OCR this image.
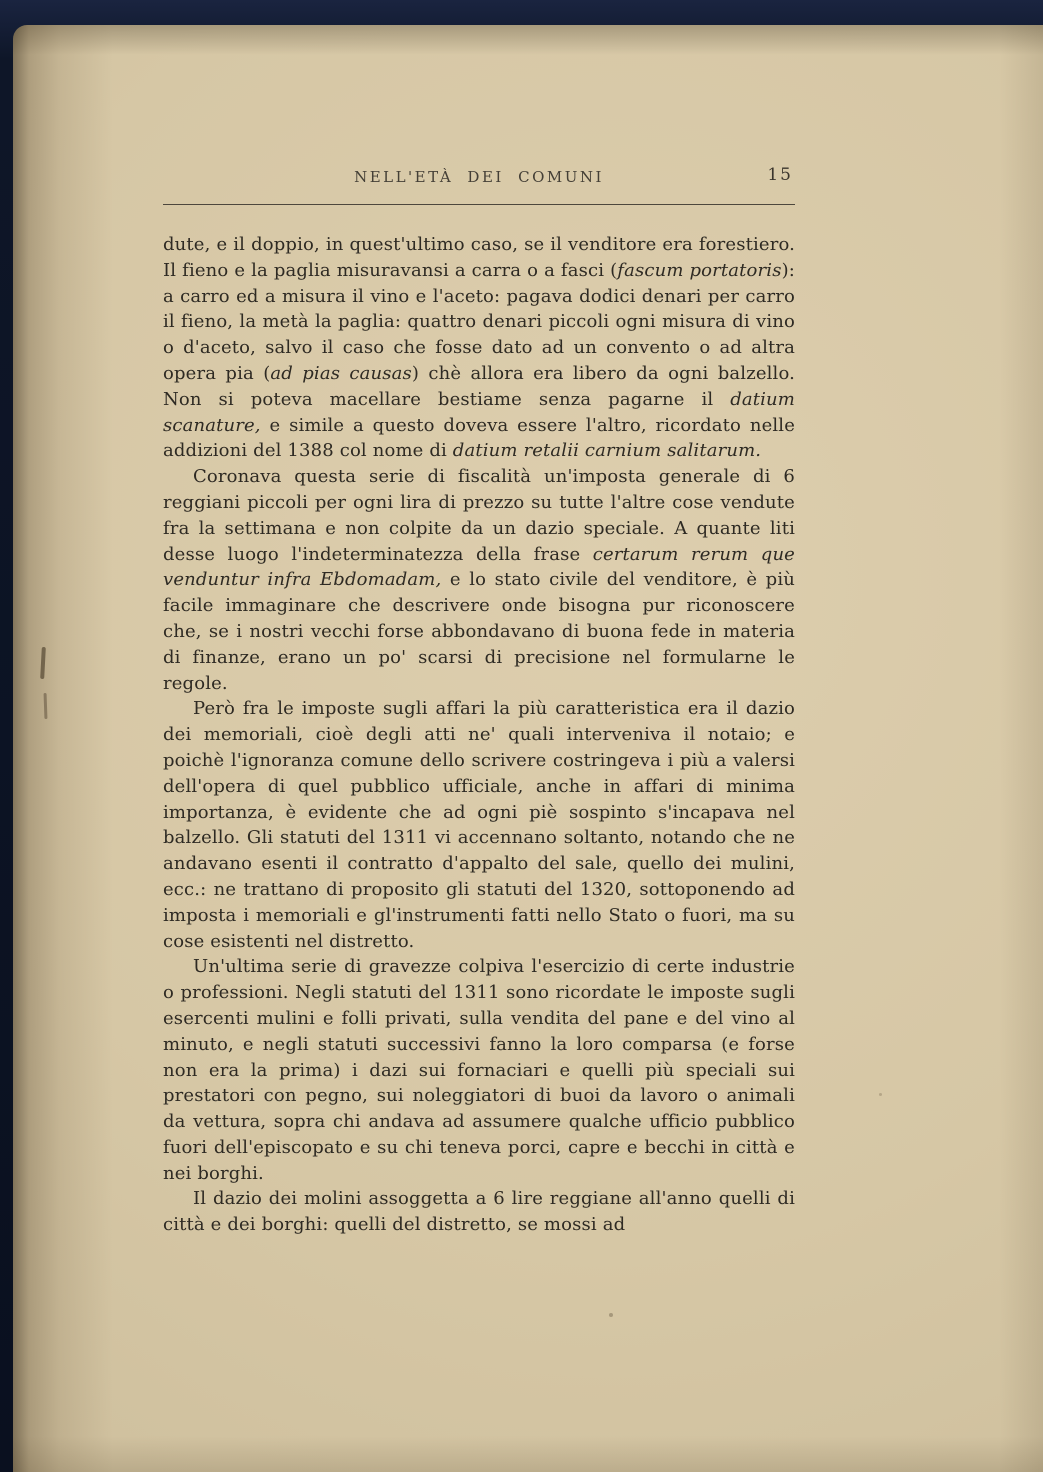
NELL'ETÀ DEI COMUNI	15

dute, e il doppio, in quest'ultimo caso, se il venditore era forestiero. Il fieno e la paglia misuravansi a carra o a fasci (fascum portatoris): a carro ed a misura il vino e l'aceto: pagava dodici denari per carro il fieno, la metà la paglia: quattro denari piccoli ogni misura di vino o d'aceto, salvo il caso che fosse dato ad un convento o ad altra opera pia (ad pias causas) chè allora era libero da ogni balzello. Non si poteva macellare bestiame senza pagarne il datium scanature, e simile a questo doveva essere l'altro, ricordato nelle addizioni del 1388 col nome di datium retalii carnium salitarum.

Coronava questa serie di fiscalità un'imposta generale di 6 reggiani piccoli per ogni lira di prezzo su tutte l'altre cose vendute fra la settimana e non colpite da un dazio speciale. A quante liti desse luogo l'indeterminatezza della frase certarum rerum que venduntur infra Ebdomadam, e lo stato civile del venditore, è più facile immaginare che descrivere onde bisogna pur riconoscere che, se i nostri vecchi forse abbondavano di buona fede in materia di finanze, erano un po' scarsi di precisione nel formularne le regole.

Però fra le imposte sugli affari la più caratteristica era il dazio dei memoriali, cioè degli atti ne' quali interveniva il notaio; e poichè l'ignoranza comune dello scrivere costringeva i più a valersi dell'opera di quel pubblico ufficiale, anche in affari di minima importanza, è evidente che ad ogni piè sospinto s'incapava nel balzello. Gli statuti del 1311 vi accennano soltanto, notando che ne andavano esenti il contratto d'appalto del sale, quello dei mulini, ecc.: ne trattano di proposito gli statuti del 1320, sottoponendo ad imposta i memoriali e gl'instrumenti fatti nello Stato o fuori, ma su cose esistenti nel distretto.

Un'ultima serie di gravezze colpiva l'esercizio di certe industrie o professioni. Negli statuti del 1311 sono ricordate le imposte sugli esercenti mulini e folli privati, sulla vendita del pane e del vino al minuto, e negli statuti successivi fanno la loro comparsa (e forse non era la prima) i dazi sui fornaciari e quelli più speciali sui prestatori con pegno, sui noleggiatori di buoi da lavoro o animali da vettura, sopra chi andava ad assumere qualche ufficio pubblico fuori dell'episcopato e su chi teneva porci, capre e becchi in città e nei borghi.

Il dazio dei molini assoggetta a 6 lire reggiane all'anno quelli di città e dei borghi: quelli del distretto, se mossi ad
